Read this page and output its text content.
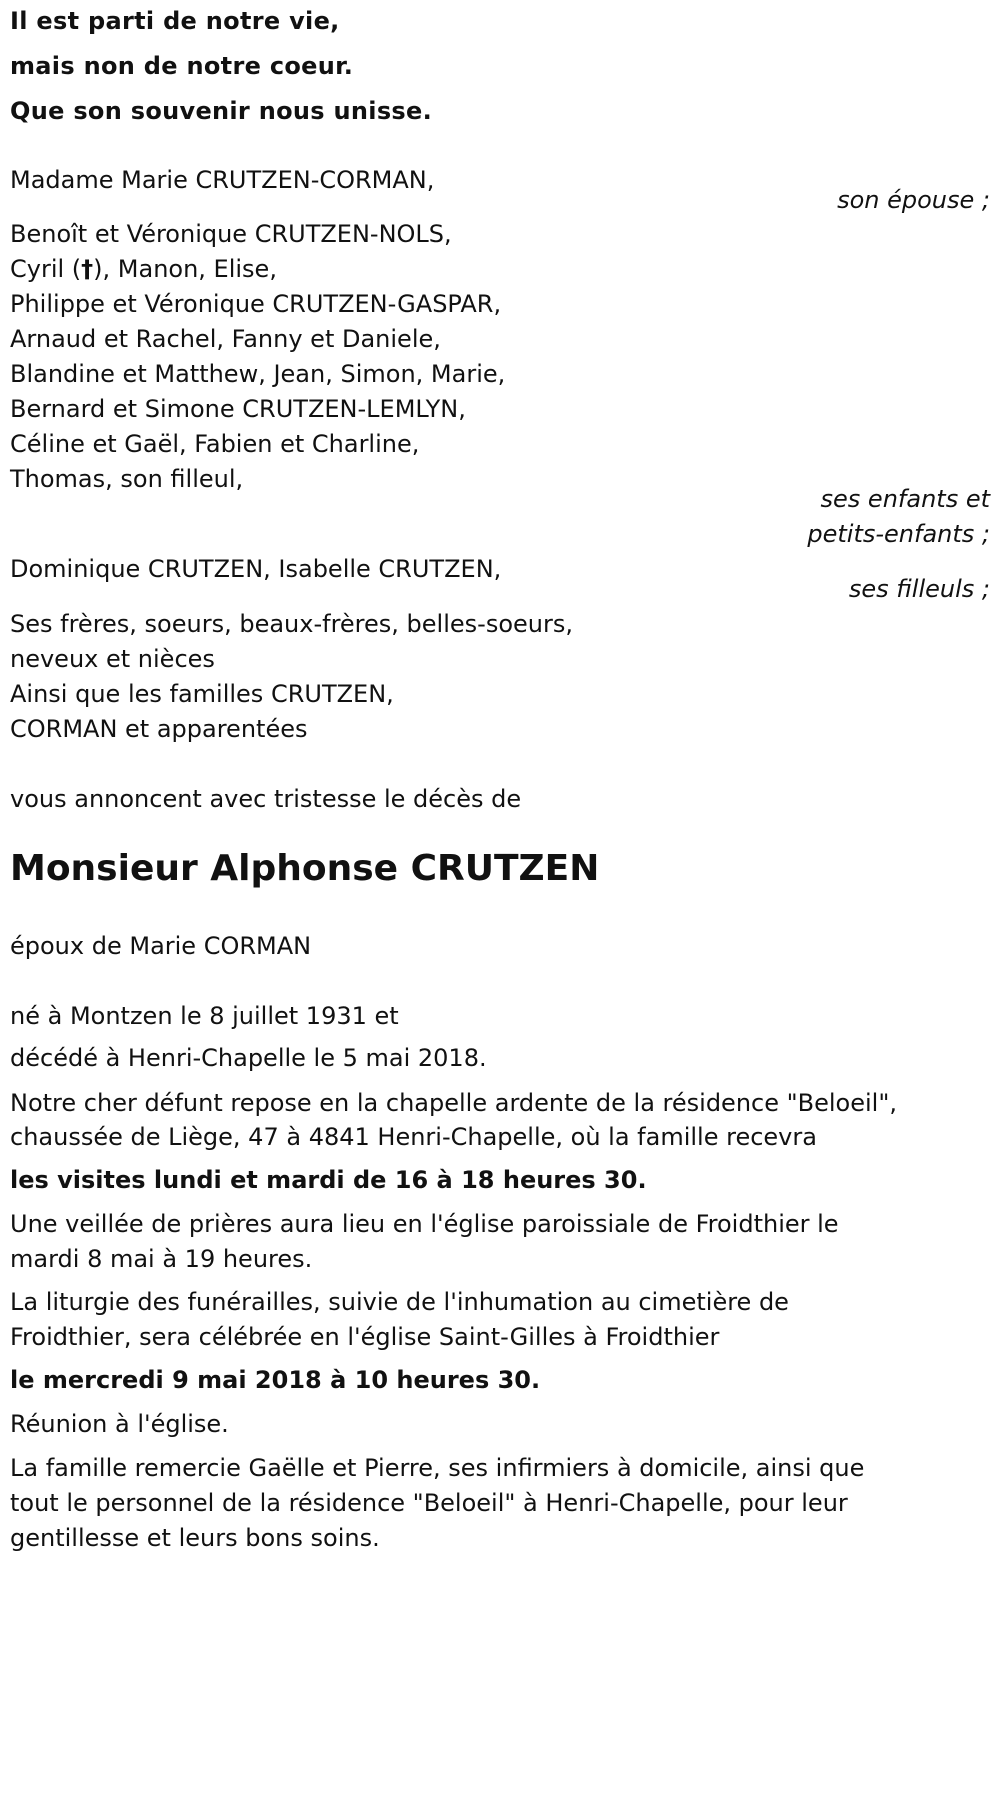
Il est parti de notre vie,
mais non de notre coeur.
Que son souvenir nous unisse.
Madame Marie CRUTZEN-CORMAN,
son épouse ;
Benoît et Véronique CRUTZEN-NOLS,
Cyril (†), Manon, Elise,
Philippe et Véronique CRUTZEN-GASPAR,
Arnaud et Rachel, Fanny et Daniele,
Blandine et Matthew, Jean, Simon, Marie,
Bernard et Simone CRUTZEN-LEMLYN,
Céline et Gaël, Fabien et Charline,
Thomas, son filleul,
ses enfants et
petits-enfants ;
Dominique CRUTZEN, Isabelle CRUTZEN,
ses filleuls ;
Ses frères, soeurs, beaux-frères, belles-soeurs,
neveux et nièces
Ainsi que les familles CRUTZEN,
CORMAN et apparentées
vous annoncent avec tristesse le décès de
Monsieur Alphonse CRUTZEN
époux de Marie CORMAN
né à Montzen le 8 juillet 1931 et
décédé à Henri-Chapelle le 5 mai 2018.
Notre cher défunt repose en la chapelle ardente de la résidence "Beloeil",
chaussée de Liège, 47 à 4841 Henri-Chapelle, où la famille recevra
les visites lundi et mardi de 16 à 18 heures 30.
Une veillée de prières aura lieu en l'église paroissiale de Froidthier le
mardi 8 mai à 19 heures.
La liturgie des funérailles, suivie de l'inhumation au cimetière de
Froidthier, sera célébrée en l'église Saint-Gilles à Froidthier
le mercredi 9 mai 2018 à 10 heures 30.
Réunion à l'église.
La famille remercie Gaëlle et Pierre, ses infirmiers à domicile, ainsi que
tout le personnel de la résidence "Beloeil" à Henri-Chapelle, pour leur
gentillesse et leurs bons soins.
